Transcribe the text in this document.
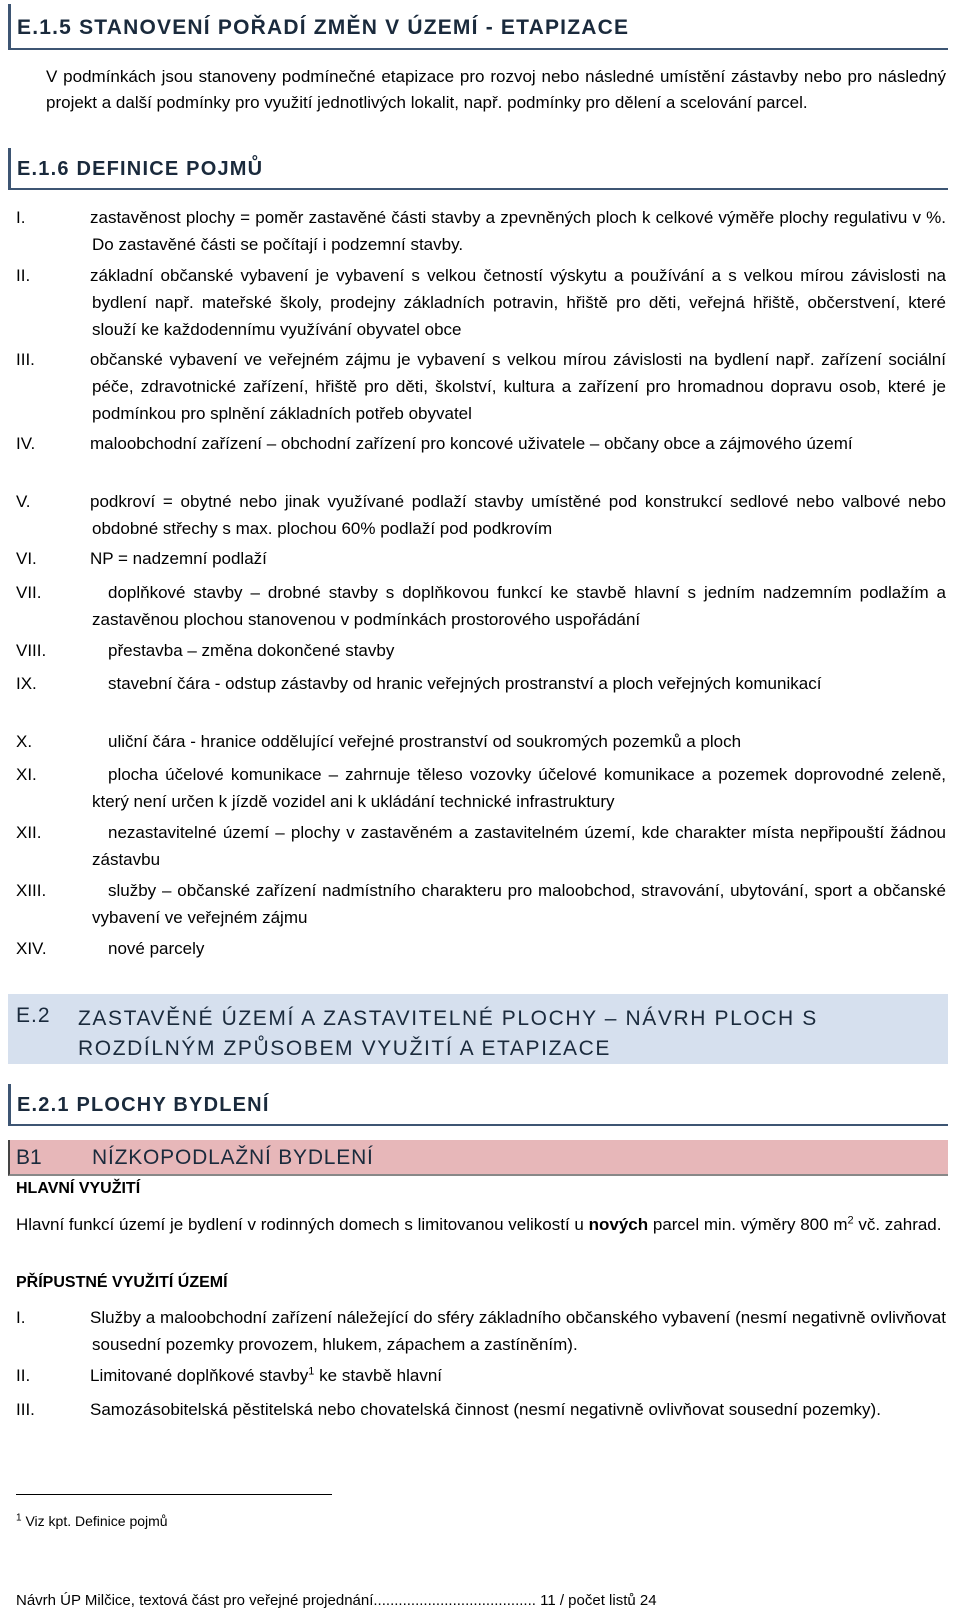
E.1.5 STANOVENÍ POŘADÍ ZMĚN V ÚZEMÍ - ETAPIZACE
V podmínkách jsou stanoveny podmínečné etapizace pro rozvoj nebo následné umístění zástavby nebo pro následný projekt a další podmínky pro využití jednotlivých lokalit, např. podmínky pro dělení a scelování parcel.
E.1.6 DEFINICE POJMŮ
I.	zastavěnost plochy = poměr zastavěné části stavby a zpevněných ploch k celkové výměře plochy regulativu v %. Do zastavěné části se počítají i podzemní stavby.
II.	základní občanské vybavení je vybavení s velkou četností výskytu a používání a s velkou mírou závislosti na bydlení např. mateřské školy, prodejny základních potravin, hřiště pro děti, veřejná hřiště, občerstvení, které slouží ke každodennímu využívání obyvatel obce
III.	občanské vybavení ve veřejném zájmu je vybavení s velkou mírou závislosti na bydlení např. zařízení sociální péče, zdravotnické zařízení, hřiště pro děti, školství, kultura a zařízení pro hromadnou dopravu osob, které je podmínkou pro splnění základních potřeb obyvatel
IV.	maloobchodní zařízení – obchodní zařízení pro koncové uživatele – občany obce a zájmového území
V.	podkroví = obytné nebo jinak využívané podlaží stavby umístěné pod konstrukcí sedlové nebo valbové nebo obdobné střechy s max. plochou 60% podlaží pod podkrovím
VI.	NP = nadzemní podlaží
VII.	doplňkové stavby – drobné stavby s doplňkovou funkcí ke stavbě hlavní s jedním nadzemním podlažím a zastavěnou plochou stanovenou v podmínkách prostorového uspořádání
VIII.	přestavba – změna dokončené stavby
IX.	stavební čára - odstup zástavby od hranic veřejných prostranství a ploch veřejných komunikací
X.	uliční čára - hranice oddělující veřejné prostranství od soukromých pozemků a ploch
XI.	plocha účelové komunikace – zahrnuje těleso vozovky účelové komunikace a pozemek doprovodné zeleně, který není určen k jízdě vozidel ani k ukládání technické infrastruktury
XII.	nezastavitelné území – plochy v zastavěném a zastavitelném území, kde charakter místa nepřipouští žádnou zástavbu
XIII.	služby – občanské zařízení nadmístního charakteru pro maloobchod, stravování, ubytování, sport a občanské vybavení ve veřejném zájmu
XIV.	nové parcely
E.2 ZASTAVĚNÉ ÚZEMÍ A ZASTAVITELNÉ PLOCHY – NÁVRH PLOCH S ROZDÍLNÝM ZPŮSOBEM VYUŽITÍ A ETAPIZACE
E.2.1 PLOCHY BYDLENÍ
B1 NÍZKOPODLAŽNÍ BYDLENÍ
HLAVNÍ VYUŽITÍ
Hlavní funkcí území je bydlení v rodinných domech s limitovanou velikostí u nových parcel min. výměry 800 $m^2$ vč. zahrad.
PŘÍPUSTNÉ VYUŽITÍ ÚZEMÍ
I.	Služby a maloobchodní zařízení náležející do sféry základního občanského vybavení (nesmí negativně ovlivňovat sousední pozemky provozem, hlukem, zápachem a zastíněním).
II.	Limitované doplňkové stavby$^1$ ke stavbě hlavní
III.	Samozásobitelská pěstitelská nebo chovatelská činnost (nesmí negativně ovlivňovat sousední pozemky).
$^1$ Viz kpt. Definice pojmů
Návrh ÚP Milčice, textová část pro veřejné projednání....................................... 11 / počet listů 24
